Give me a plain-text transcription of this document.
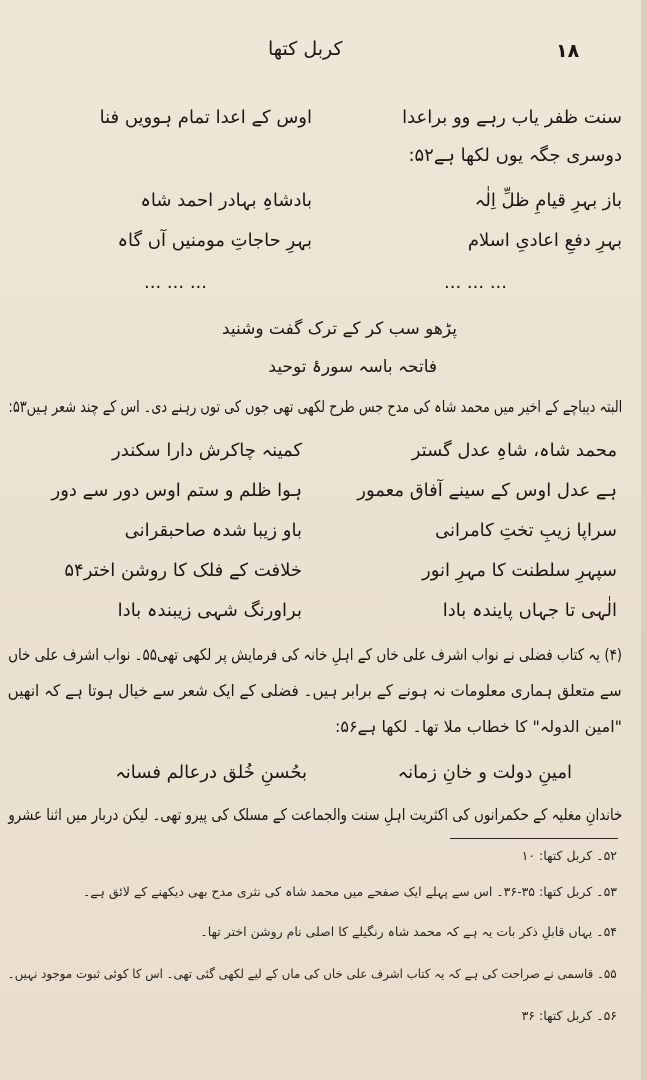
۱۸
کربل کتھا
سنت ظفر یاب رہے وو براعدا
اوس کے اعدا تمام ہوویں فنا
دوسری جگہ یوں لکھا ہے۵۲:
باز بہرِ قیامِ ظلِّ اِلٰہ
بادشاہِ بہادر احمد شاہ
بہرِ دفعِ اعادیِ اسلام
بہرِ حاجاتِ مومنیں آں گاہ
... ... ...
... ... ...
پڑھو سب کر کے ترک گفت وشنید
فاتحہ باسہ سورۂ توحید
البتہ دیباچے کے اخیر میں محمد شاہ کی مدح جس طرح لکھی تھی جوں کی توں رہنے دی۔ اس کے چند شعر ہیں۵۳:
محمد شاہ، شاہِ عدل گستر
کمینہ چاکرش دارا سکندر
ہے عدل اوس کے سینے آفاق معمور
ہوا ظلم و ستم اوس دور سے دور
سراپا زیبِ تختِ کامرانی
باو زیبا شدہ صاحبقرانی
سپہرِ سلطنت کا مہرِ انور
خلافت کے فلک کا روشن اختر۵۴
الٰہی تا جہاں پایندہ بادا
براورنگ شہی زیبندہ بادا
(۴) یہ کتاب فضلی نے نواب اشرف علی خاں کے اہلِ خانہ کی فرمایش پر لکھی تھی۵۵۔ نواب اشرف علی خاں
سے متعلق ہماری معلومات نہ ہونے کے برابر ہیں۔ فضلی کے ایک شعر سے خیال ہوتا ہے کہ انھیں
"امین الدولہ" کا خطاب ملا تھا۔ لکھا ہے۵۶:
امینِ دولت و خانِ زمانہ
بحُسنِ خُلق درعالم فسانہ
خاندانِ مغلیہ کے حکمرانوں کی اکثریت اہلِ سنت والجماعت کے مسلک کی پیرو تھی۔ لیکن دربار میں اثنا عشرو
۵۲۔ کربل کتھا: ۱۰
۵۳۔ کربل کتھا: ۳۵-۳۶۔ اس سے پہلے ایک صفحے میں محمد شاہ کی نثری مدح بھی دیکھنے کے لائق ہے۔
۵۴۔ یہاں قابلِ ذکر بات یہ ہے کہ محمد شاہ رنگیلے کا اصلی نام روشن اختر تھا۔
۵۵۔ قاسمی نے صراحت کی ہے کہ یہ کتاب اشرف علی خاں کی ماں کے لیے لکھی گئی تھی۔ اس کا کوئی ثبوت موجود نہیں۔
۵۶۔ کربل کتھا: ۳۶
